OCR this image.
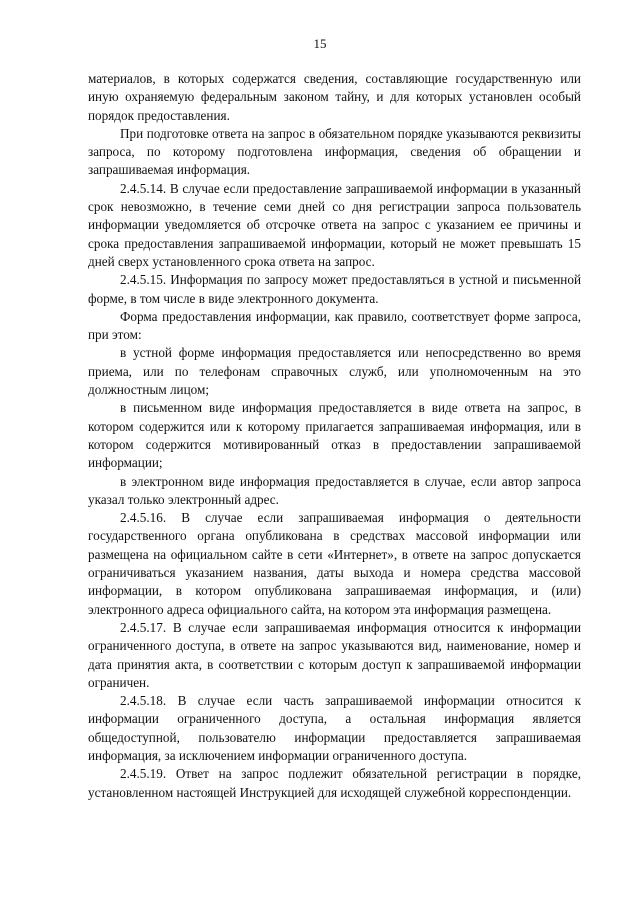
15

материалов, в которых содержатся сведения, составляющие государственную или иную охраняемую федеральным законом тайну, и для которых установлен особый порядок предоставления.

При подготовке ответа на запрос в обязательном порядке указываются реквизиты запроса, по которому подготовлена информация, сведения об обращении и запрашиваемая информация.

2.4.5.14. В случае если предоставление запрашиваемой информации в указанный срок невозможно, в течение семи дней со дня регистрации запроса пользователь информации уведомляется об отсрочке ответа на запрос с указанием ее причины и срока предоставления запрашиваемой информации, который не может превышать 15 дней сверх установленного срока ответа на запрос.

2.4.5.15. Информация по запросу может предоставляться в устной и письменной форме, в том числе в виде электронного документа.

Форма предоставления информации, как правило, соответствует форме запроса, при этом:

в устной форме информация предоставляется или непосредственно во время приема, или по телефонам справочных служб, или уполномоченным на это должностным лицом;

в письменном виде информация предоставляется в виде ответа на запрос, в котором содержится или к которому прилагается запрашиваемая информация, или в котором содержится мотивированный отказ в предоставлении запрашиваемой информации;

в электронном виде информация предоставляется в случае, если автор запроса указал только электронный адрес.

2.4.5.16. В случае если запрашиваемая информация о деятельности государственного органа опубликована в средствах массовой информации или размещена на официальном сайте в сети «Интернет», в ответе на запрос допускается ограничиваться указанием названия, даты выхода и номера средства массовой информации, в котором опубликована запрашиваемая информация, и (или) электронного адреса официального сайта, на котором эта информация размещена.

2.4.5.17. В случае если запрашиваемая информация относится к информации ограниченного доступа, в ответе на запрос указываются вид, наименование, номер и дата принятия акта, в соответствии с которым доступ к запрашиваемой информации ограничен.

2.4.5.18. В случае если часть запрашиваемой информации относится к информации ограниченного доступа, а остальная информация является общедоступной, пользователю информации предоставляется запрашиваемая информация, за исключением информации ограниченного доступа.

2.4.5.19. Ответ на запрос подлежит обязательной регистрации в порядке, установленном настоящей Инструкцией для исходящей служебной корреспонденции.
